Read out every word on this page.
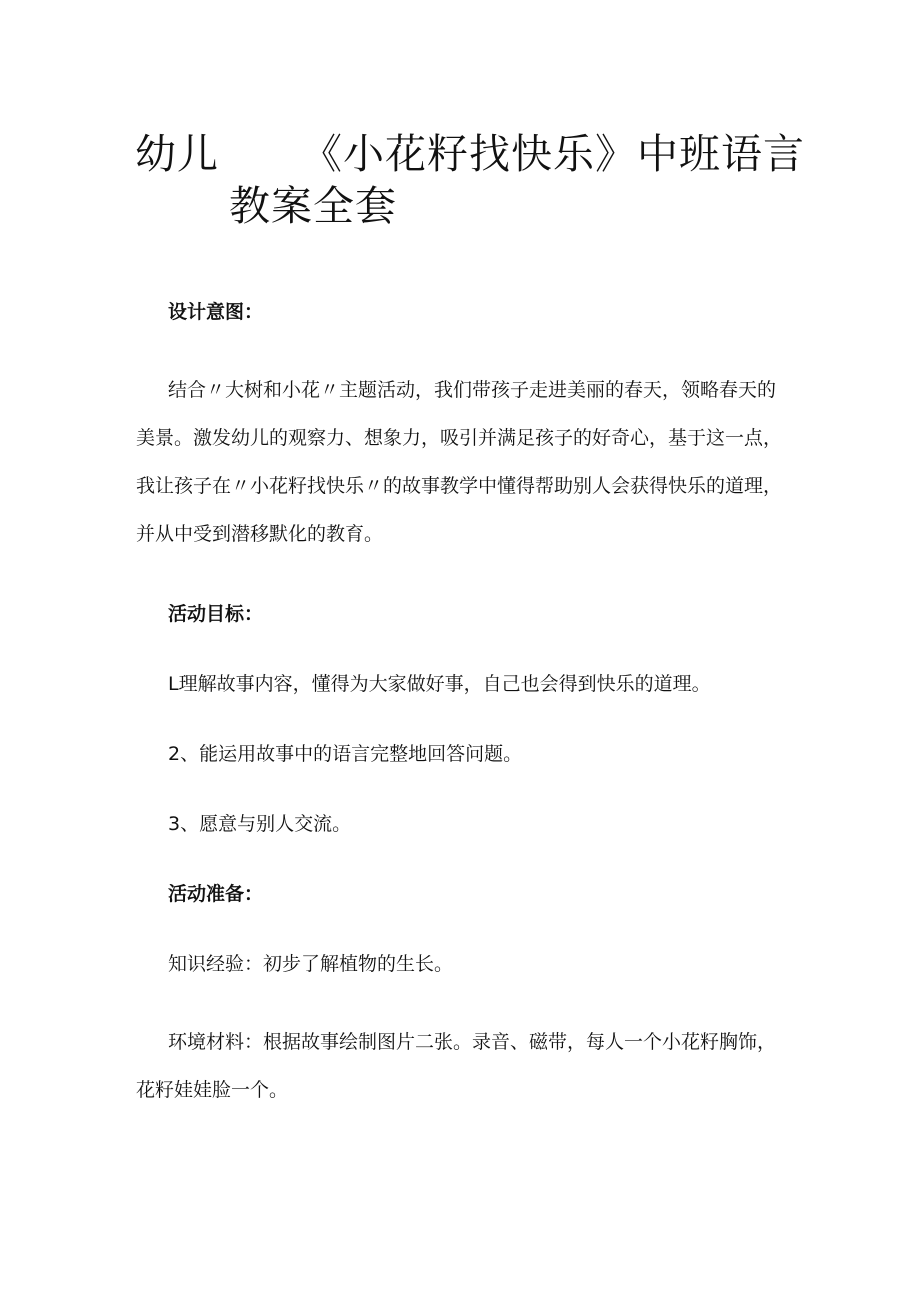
幼儿 《小花籽找快乐》中班语言
教案全套

设计意图：

结合〃大树和小花〃主题活动，我们带孩子走进美丽的春天，领略春天的美景。激发幼儿的观察力、想象力，吸引并满足孩子的好奇心，基于这一点，我让孩子在〃小花籽找快乐〃的故事教学中懂得帮助别人会获得快乐的道理，并从中受到潜移默化的教育。

活动目标：

L理解故事内容，懂得为大家做好事，自己也会得到快乐的道理。

2、能运用故事中的语言完整地回答问题。

3、愿意与别人交流。

活动准备：

知识经验：初步了解植物的生长。

环境材料：根据故事绘制图片二张。录音、磁带，每人一个小花籽胸饰，花籽娃娃脸一个。
